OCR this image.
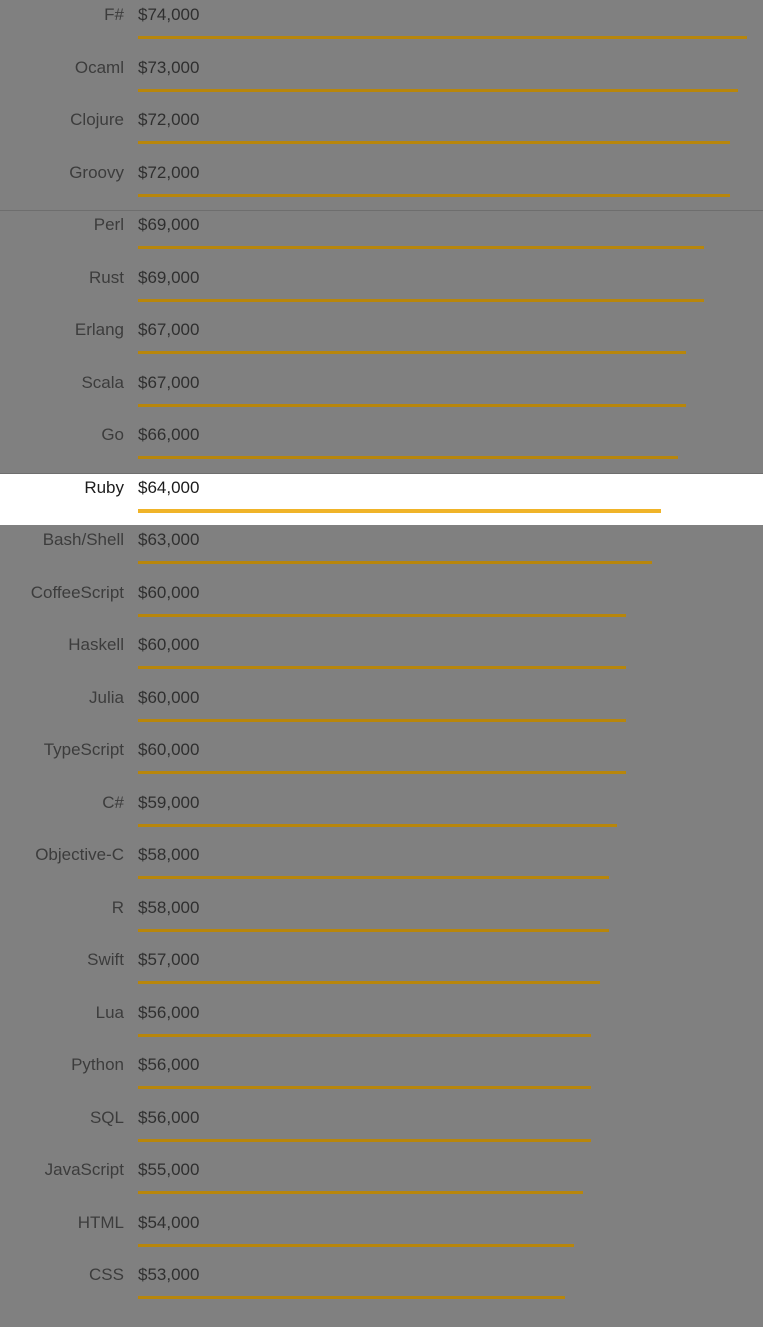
F# $74,000
Ocaml $73,000
Clojure $72,000
Groovy $72,000
Perl $69,000
Rust $69,000
Erlang $67,000
Scala $67,000
Go $66,000
Ruby $64,000
Bash/Shell $63,000
CoffeeScript $60,000
Haskell $60,000
Julia $60,000
TypeScript $60,000
C# $59,000
Objective-C $58,000
R $58,000
Swift $57,000
Lua $56,000
Python $56,000
SQL $56,000
JavaScript $55,000
HTML $54,000
CSS $53,000
